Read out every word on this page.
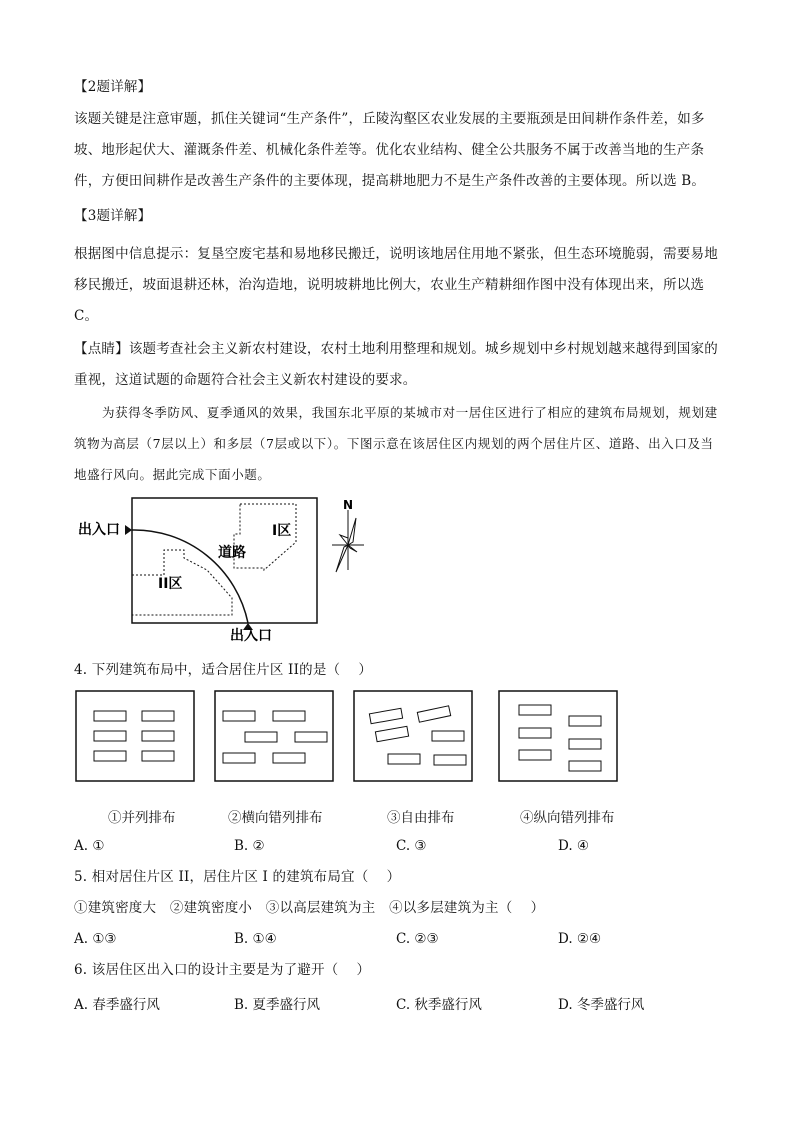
【2题详解】

该题关键是注意审题，抓住关键词“生产条件”，丘陵沟壑区农业发展的主要瓶颈是田间耕作条件差，如多坡、地形起伏大、灌溉条件差、机械化条件差等。优化农业结构、健全公共服务不属于改善当地的生产条件，方便田间耕作是改善生产条件的主要体现，提高耕地肥力不是生产条件改善的主要体现。所以选 B。

【3题详解】

根据图中信息提示：复垦空废宅基和易地移民搬迁，说明该地居住用地不紧张，但生态环境脆弱，需要易地移民搬迁，坡面退耕还林，治沟造地，说明坡耕地比例大，农业生产精耕细作图中没有体现出来，所以选 C。

【点睛】该题考查社会主义新农村建设，农村土地利用整理和规划。城乡规划中乡村规划越来越得到国家的重视，这道试题的命题符合社会主义新农村建设的要求。

为获得冬季防风、夏季通风的效果，我国东北平原的某城市对一居住区进行了相应的建筑布局规划，规划建筑物为高层（7层以上）和多层（7层或以下）。下图示意在该居住区内规划的两个居住片区、道路、出入口及当地盛行风向。据此完成下面小题。

出入口
出入口
道路
I区
II区
N

4. 下列建筑布局中，适合居住片区 II的是（　 ）

①并列排布	②横向错列排布	③自由排布	④纵向错列排布
A. ①	B. ②	C. ③	D. ④

5. 相对居住片区 II，居住片区 I 的建筑布局宜（　 ）

①建筑密度大　②建筑密度小　③以高层建筑为主　④以多层建筑为主（　 ）

A. ①③	B. ①④	C. ②③	D. ②④

6. 该居住区出入口的设计主要是为了避开（　 ）

A. 春季盛行风	B. 夏季盛行风	C. 秋季盛行风	D. 冬季盛行风
